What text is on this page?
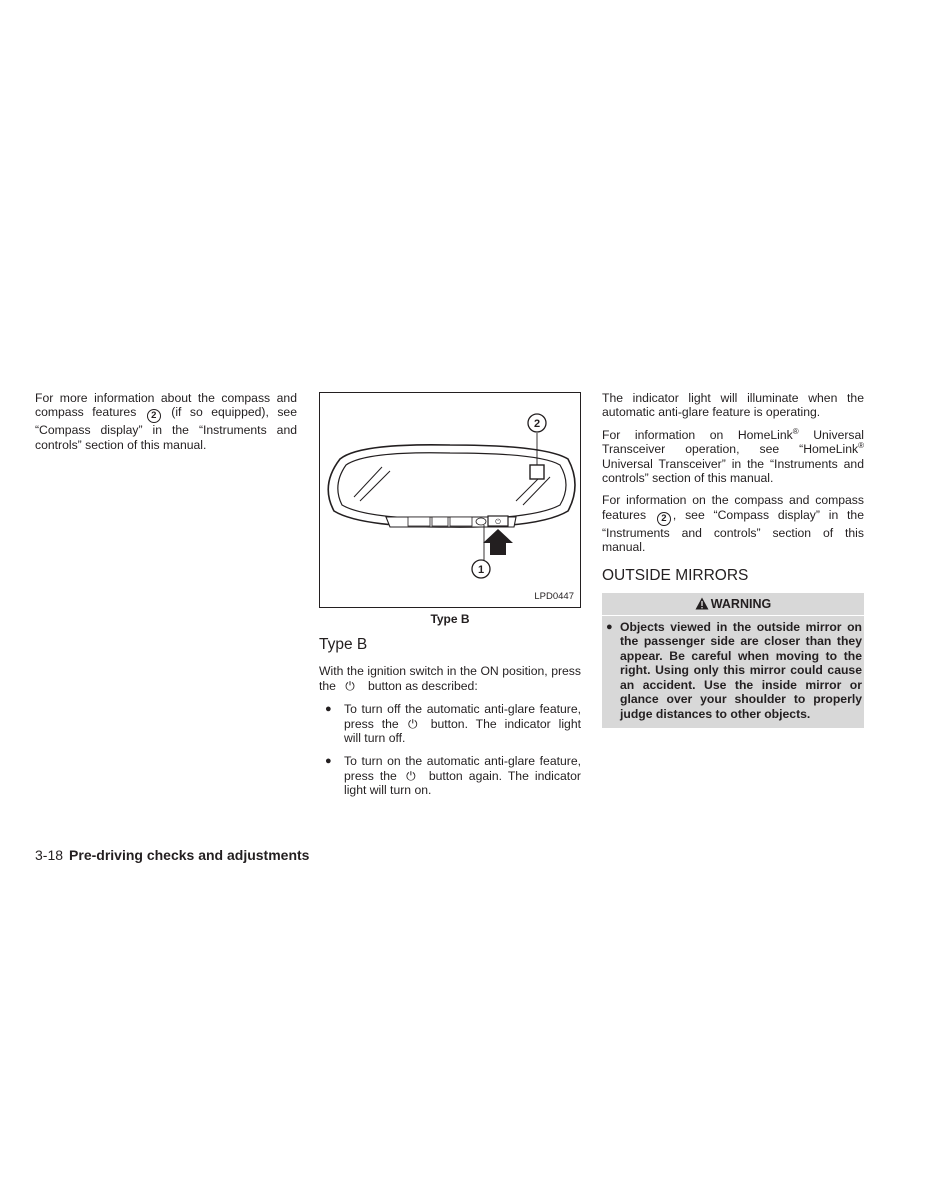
For more information about the compass and compass features 2 (if so equipped), see “Compass display” in the “Instruments and controls” section of this manual.

2
⏻
1
LPD0447
Type B
Type B

With the ignition switch in the ON position, press the ⏻ button as described:

● To turn off the automatic anti-glare feature, press the ⏻ button. The indicator light will turn off.
● To turn on the automatic anti-glare feature, press the ⏻ button again. The indicator light will turn on.

The indicator light will illuminate when the automatic anti-glare feature is operating.

For information on HomeLink® Universal Transceiver operation, see “HomeLink® Universal Transceiver” in the “Instruments and controls” section of this manual.

For information on the compass and compass features 2 , see “Compass display” in the “Instruments and controls” section of this manual.

OUTSIDE MIRRORS
WARNING
● Objects viewed in the outside mirror on the passenger side are closer than they appear. Be careful when moving to the right. Using only this mirror could cause an accident. Use the inside mirror or glance over your shoulder to properly judge distances to other objects.
3-18 Pre-driving checks and adjustments
